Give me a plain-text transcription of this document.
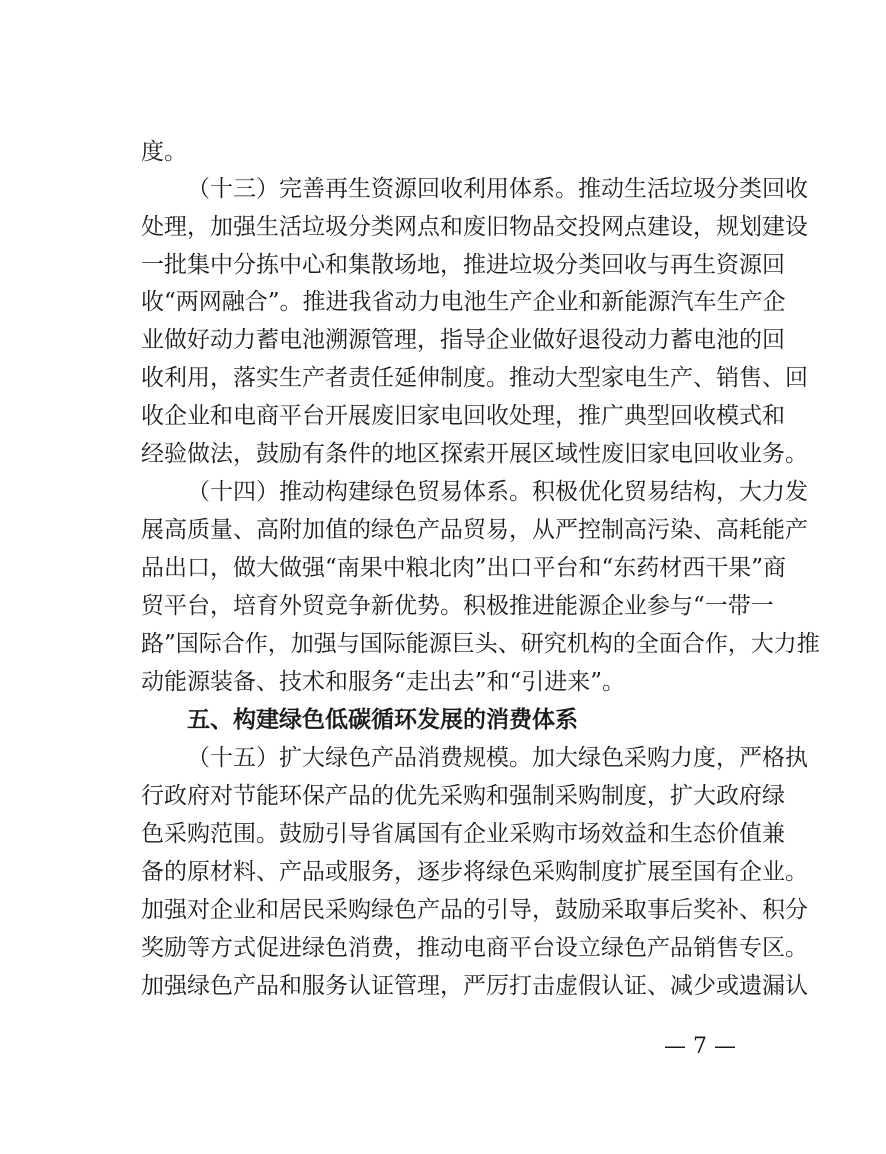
度。
（十三）完善再生资源回收利用体系。推动生活垃圾分类回收
处理，加强生活垃圾分类网点和废旧物品交投网点建设，规划建设
一批集中分拣中心和集散场地，推进垃圾分类回收与再生资源回
收“两网融合”。推进我省动力电池生产企业和新能源汽车生产企
业做好动力蓄电池溯源管理，指导企业做好退役动力蓄电池的回
收利用，落实生产者责任延伸制度。推动大型家电生产、销售、回
收企业和电商平台开展废旧家电回收处理，推广典型回收模式和
经验做法，鼓励有条件的地区探索开展区域性废旧家电回收业务。
（十四）推动构建绿色贸易体系。积极优化贸易结构，大力发
展高质量、高附加值的绿色产品贸易，从严控制高污染、高耗能产
品出口，做大做强“南果中粮北肉”出口平台和“东药材西干果”商
贸平台，培育外贸竞争新优势。积极推进能源企业参与“一带一
路”国际合作，加强与国际能源巨头、研究机构的全面合作，大力推
动能源装备、技术和服务“走出去”和“引进来”。
五、构建绿色低碳循环发展的消费体系
（十五）扩大绿色产品消费规模。加大绿色采购力度，严格执
行政府对节能环保产品的优先采购和强制采购制度，扩大政府绿
色采购范围。鼓励引导省属国有企业采购市场效益和生态价值兼
备的原材料、产品或服务，逐步将绿色采购制度扩展至国有企业。
加强对企业和居民采购绿色产品的引导，鼓励采取事后奖补、积分
奖励等方式促进绿色消费，推动电商平台设立绿色产品销售专区。
加强绿色产品和服务认证管理，严厉打击虚假认证、减少或遗漏认
— 7 —
